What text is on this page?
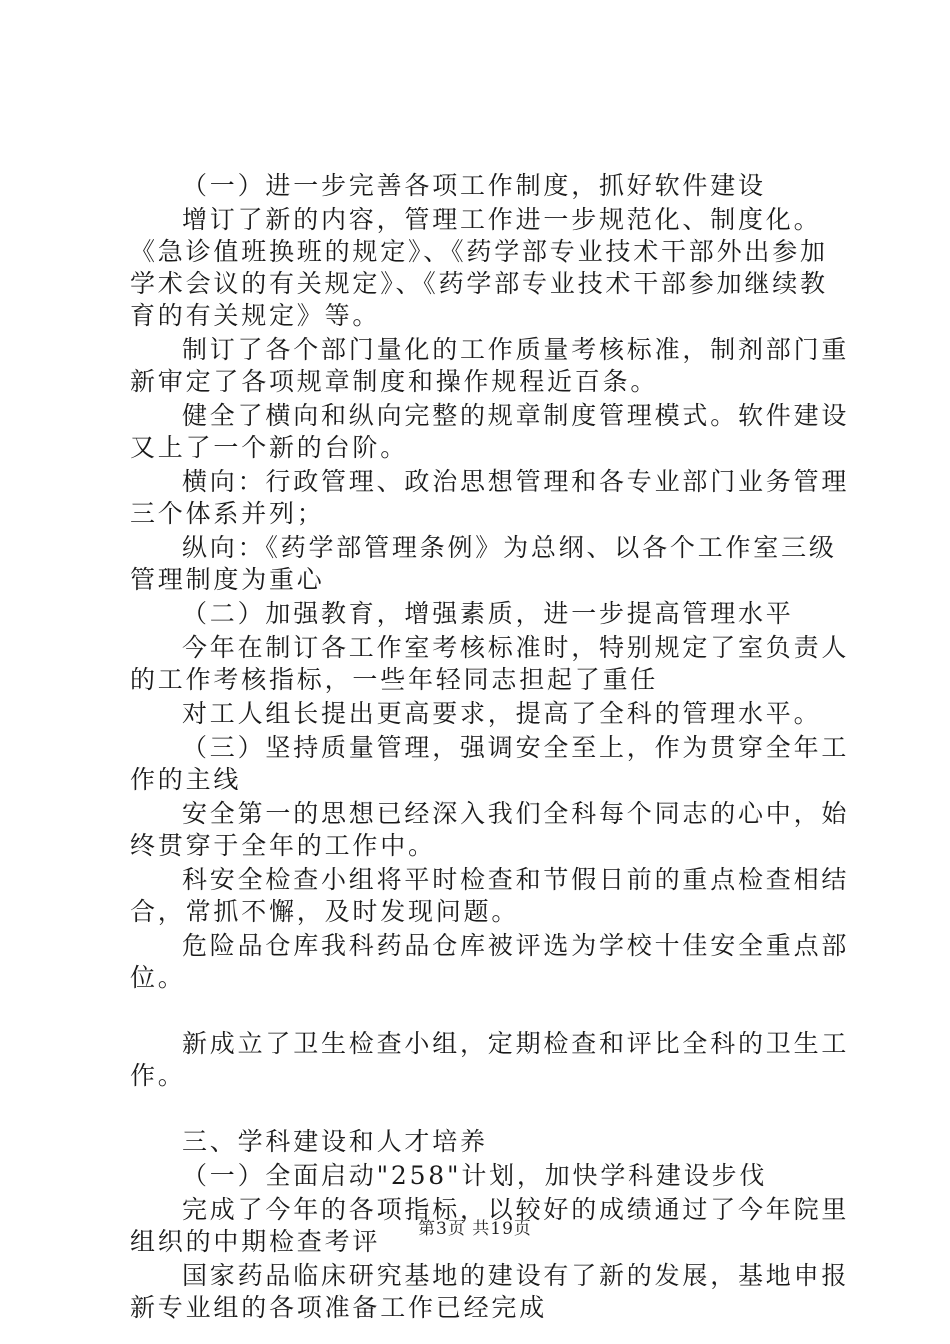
（一）进一步完善各项工作制度，抓好软件建设

增订了新的内容，管理工作进一步规范化、制度化。《急诊值班换班的规定》、《药学部专业技术干部外出参加学术会议的有关规定》、《药学部专业技术干部参加继续教育的有关规定》等。

制订了各个部门量化的工作质量考核标准，制剂部门重新审定了各项规章制度和操作规程近百条。

健全了横向和纵向完整的规章制度管理模式。软件建设又上了一个新的台阶。

横向：行政管理、政治思想管理和各专业部门业务管理三个体系并列；

纵向：《药学部管理条例》为总纲、以各个工作室三级管理制度为重心

（二）加强教育，增强素质，进一步提高管理水平

今年在制订各工作室考核标准时，特别规定了室负责人的工作考核指标，一些年轻同志担起了重任

对工人组长提出更高要求，提高了全科的管理水平。

（三）坚持质量管理，强调安全至上，作为贯穿全年工作的主线

安全第一的思想已经深入我们全科每个同志的心中，始终贯穿于全年的工作中。

科安全检查小组将平时检查和节假日前的重点检查相结合，常抓不懈，及时发现问题。

危险品仓库我科药品仓库被评选为学校十佳安全重点部位。

新成立了卫生检查小组，定期检查和评比全科的卫生工作。

三、学科建设和人才培养

（一）全面启动"258"计划，加快学科建设步伐

完成了今年的各项指标，以较好的成绩通过了今年院里组织的中期检查考评

国家药品临床研究基地的建设有了新的发展，基地申报新专业组的各项准备工作已经完成

第3页 共19页
